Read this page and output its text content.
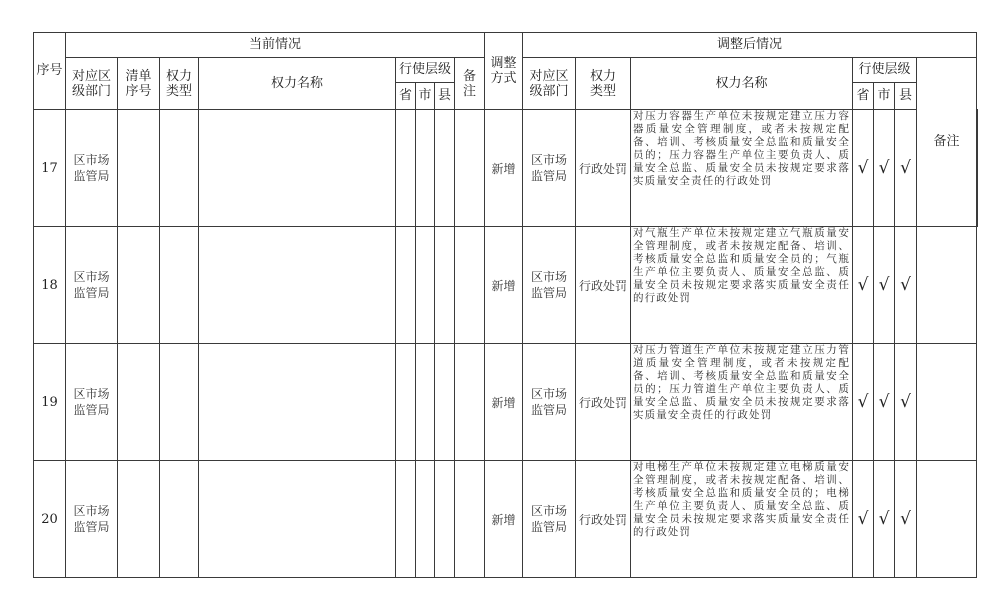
序号	当前情况								调整方式	调整后情况							
	对应区级部门	清单序号	权力类型	权力名称	行使层级			备注		对应区级部门	权力类型	权力名称	行使层级			备注	
					省	市	县						省	市	县		
17	区市场监管局								新增	区市场监管局	行政处罚	对压力容器生产单位未按规定建立压力容器质量安全管理制度，或者未按规定配备、培训、考核质量安全总监和质量安全员的；压力容器生产单位主要负责人、质量安全总监、质量安全员未按规定要求落实质量安全责任的行政处罚	√	√	√		
18	区市场监管局								新增	区市场监管局	行政处罚	对气瓶生产单位未按规定建立气瓶质量安全管理制度，或者未按规定配备、培训、考核质量安全总监和质量安全员的；气瓶生产单位主要负责人、质量安全总监、质量安全员未按规定要求落实质量安全责任的行政处罚	√	√	√		
19	区市场监管局								新增	区市场监管局	行政处罚	对压力管道生产单位未按规定建立压力管道质量安全管理制度，或者未按规定配备、培训、考核质量安全总监和质量安全员的；压力管道生产单位主要负责人、质量安全总监、质量安全员未按规定要求落实质量安全责任的行政处罚	√	√	√		
20	区市场监管局								新增	区市场监管局	行政处罚	对电梯生产单位未按规定建立电梯质量安全管理制度，或者未按规定配备、培训、考核质量安全总监和质量安全员的；电梯生产单位主要负责人、质量安全总监、质量安全员未按规定要求落实质量安全责任的行政处罚	√	√	√		
